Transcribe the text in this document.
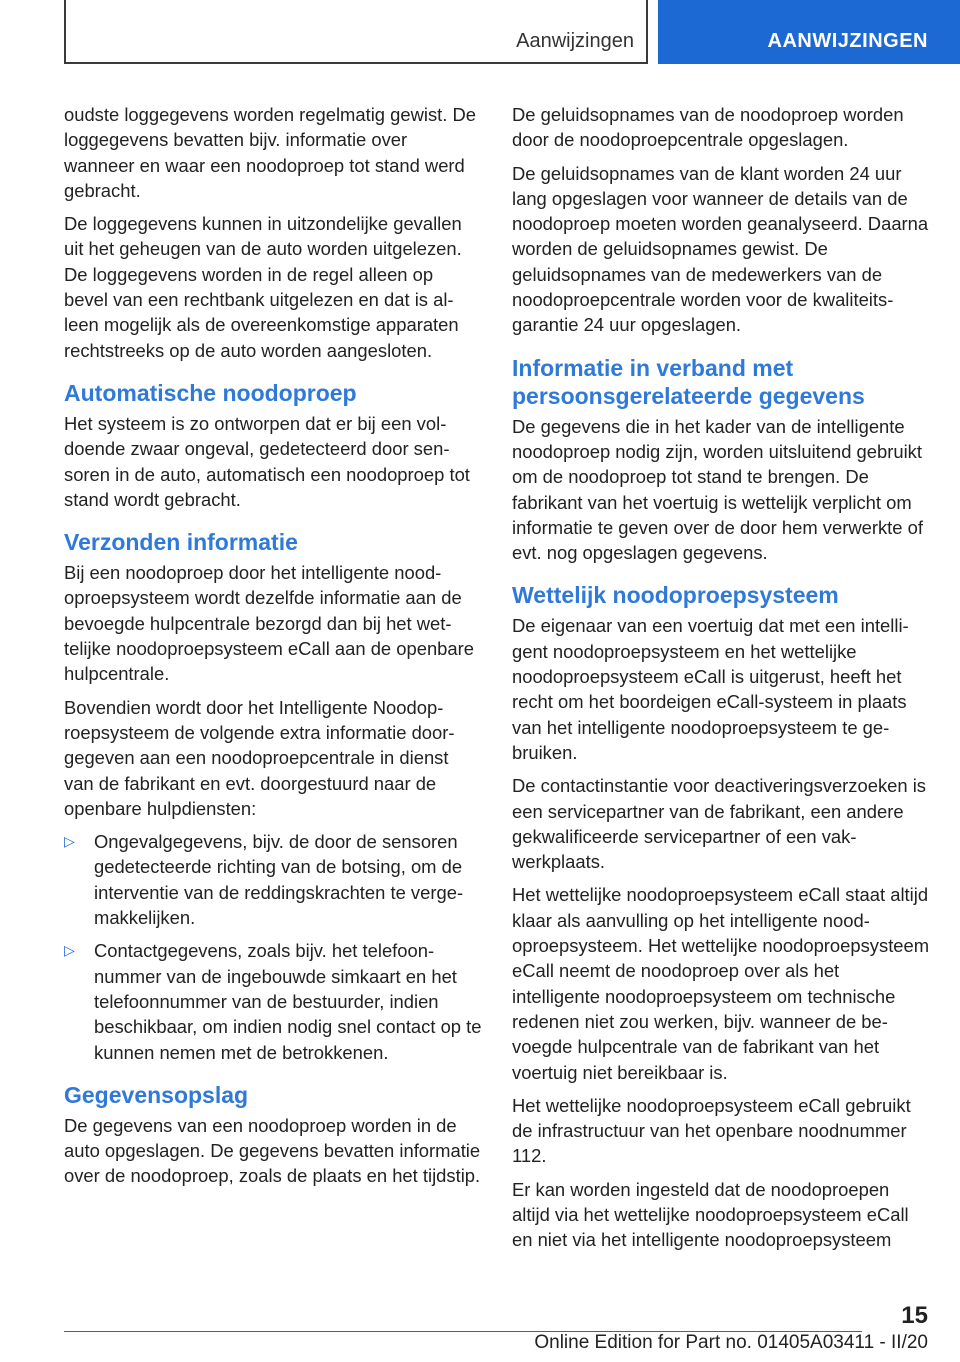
Aanwijzingen	AANWIJZINGEN

oudste loggegevens worden regelmatig gewist. De loggegevens bevatten bijv. informatie over wanneer en waar een noodoproep tot stand werd gebracht.

De loggegevens kunnen in uitzondelijke gevallen uit het geheugen van de auto worden uitgelezen. De loggegevens worden in de regel alleen op bevel van een rechtbank uitgelezen en dat is alleen mogelijk als de overeenkomstige apparaten rechtstreeks op de auto worden aangesloten.

Automatische noodoproep

Het systeem is zo ontworpen dat er bij een voldoende zwaar ongeval, gedetecteerd door sensoren in de auto, automatisch een noodoproep tot stand wordt gebracht.

Verzonden informatie

Bij een noodoproep door het intelligente noodoproepsysteem wordt dezelfde informatie aan de bevoegde hulpcentrale bezorgd dan bij het wettelijke noodoproepsysteem eCall aan de openbare hulpcentrale.

Bovendien wordt door het Intelligente Noodoproepsysteem de volgende extra informatie doorgegeven aan een noodoproepcentrale in dienst van de fabrikant en evt. doorgestuurd naar de openbare hulpdiensten:

▷ Ongevalgegevens, bijv. de door de sensoren gedetecteerde richting van de botsing, om de interventie van de reddingskrachten te vergemakkelijken.
▷ Contactgegevens, zoals bijv. het telefoonnummer van de ingebouwde simkaart en het telefoonnummer van de bestuurder, indien beschikbaar, om indien nodig snel contact op te kunnen nemen met de betrokkenen.
Gegevensopslag

De gegevens van een noodoproep worden in de auto opgeslagen. De gegevens bevatten informatie over de noodoproep, zoals de plaats en het tijdstip.

De geluidsopnames van de noodoproep worden door de noodoproepcentrale opgeslagen.

De geluidsopnames van de klant worden 24 uur lang opgeslagen voor wanneer de details van de noodoproep moeten worden geanalyseerd. Daarna worden de geluidsopnames gewist. De geluidsopnames van de medewerkers van de noodoproepcentrale worden voor de kwaliteitsgarantie 24 uur opgeslagen.

Informatie in verband met persoonsgerelateerde gegevens

De gegevens die in het kader van de intelligente noodoproep nodig zijn, worden uitsluitend gebruikt om de noodoproep tot stand te brengen. De fabrikant van het voertuig is wettelijk verplicht om informatie te geven over de door hem verwerkte of evt. nog opgeslagen gegevens.

Wettelijk noodoproepsysteem

De eigenaar van een voertuig dat met een intelligent noodoproepsysteem en het wettelijke noodoproepsysteem eCall is uitgerust, heeft het recht om het boordeigen eCall-systeem in plaats van het intelligente noodoproepsysteem te gebruiken.

De contactinstantie voor deactiveringsverzoeken is een servicepartner van de fabrikant, een andere gekwalificeerde servicepartner of een vakwerkplaats.

Het wettelijke noodoproepsysteem eCall staat altijd klaar als aanvulling op het intelligente noodoproepsysteem. Het wettelijke noodoproepsysteem eCall neemt de noodoproep over als het intelligente noodoproepsysteem om technische redenen niet zou werken, bijv. wanneer de bevoegde hulpcentrale van de fabrikant van het voertuig niet bereikbaar is.

Het wettelijke noodoproepsysteem eCall gebruikt de infrastructuur van het openbare noodnummer 112.

Er kan worden ingesteld dat de noodoproepen altijd via het wettelijke noodoproepsysteem eCall en niet via het intelligente noodoproepsysteem

15
Online Edition for Part no. 01405A03411 - II/20
